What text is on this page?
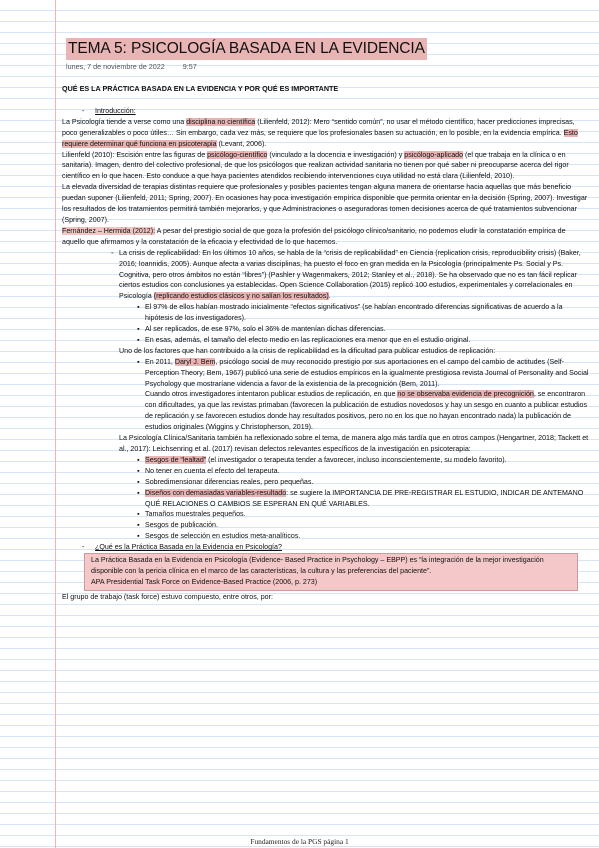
TEMA 5: PSICOLOGÍA BASADA EN LA EVIDENCIA
lunes, 7 de noviembre de 2022	9:57
QUÉ ES LA PRÁCTICA BASADA EN LA EVIDENCIA Y POR QUÉ ES IMPORTANTE

- Introducción:

La Psicología tiende a verse como una disciplina no científica (Lilienfeld, 2012): Mero “sentido común”, no usar el método científico, hacer predicciones imprecisas, poco generalizables o poco útiles… Sin embargo, cada vez más, se requiere que los profesionales basen su actuación, en lo posible, en la evidencia empírica. Esto requiere determinar qué funciona en psicoterapia (Levant, 2006).

Lilienfeld (2010): Escisión entre las figuras de psicólogo-científico (vinculado a la docencia e investigación) y psicólogo-aplicado (el que trabaja en la clínica o en sanitaria). Imagen, dentro del colectivo profesional, de que los psicólogos que realizan actividad sanitaria no tienen por qué saber ni preocuparse acerca del rigor científico en lo que hacen. Esto conduce a que haya pacientes atendidos recibiendo intervenciones cuya utilidad no está clara (Lilienfeld, 2010).

La elevada diversidad de terapias distintas requiere que profesionales y posibles pacientes tengan alguna manera de orientarse hacia aquellas que más beneficio puedan suponer (Lilienfeld, 2011; Spring, 2007). En ocasiones hay poca investigación empírica disponible que permita orientar en la decisión (Spring, 2007). Investigar los resultados de los tratamientos permitirá también mejorarlos, y que Administraciones o aseguradoras tomen decisiones acerca de qué tratamientos subvencionar (Spring, 2007).

Fernández – Hermida (2012): A pesar del prestigio social de que goza la profesión del psicólogo clínico/sanitario, no podemos eludir la constatación empírica de aquello que afirmamos y la constatación de la eficacia y efectividad de lo que hacemos.

◦ La crisis de replicabilidad: En los últimos 10 años, se habla de la “crisis de replicabilidad” en Ciencia (replication crisis, reproducibility crisis) (Baker, 2016; Ioannidis, 2005). Aunque afecta a varias disciplinas, ha puesto el foco en gran medida en la Psicología (principalmente Ps. Social y Ps. Cognitiva, pero otros ámbitos no están “libres”) (Pashler y Wagenmakers, 2012; Stanley et al., 2018). Se ha observado que no es tan fácil replicar ciertos estudios con conclusiones ya establecidas. Open Science Collaboration (2015) replicó 100 estudios, experimentales y correlacionales en Psicología (replicando estudios clásicos y no salían los resultados).

▪ El 97% de ellos habían mostrado inicialmente “efectos significativos” (se habían encontrado diferencias significativas de acuerdo a la hipótesis de los investigadores).

▪ Al ser replicados, de ese 97%, solo el 36% de mantenían dichas diferencias.

▪ En esas, además, el tamaño del efecto medio en las replicaciones era menor que en el estudio original.

Uno de los factores que han contribuido a la crisis de replicabilidad es la dificultad para publicar estudios de replicación:

▪ En 2011, Daryl J. Bem, psicólogo social de muy reconocido prestigio por sus aportaciones en el campo del cambio de actitudes (Self-Perception Theory; Bem, 1967) publicó una serie de estudios empíricos en la igualmente prestigiosa revista Journal of Personality and Social Psychology que mostraríane videncia a favor de la existencia de la precognición (Bem, 2011).

Cuando otros investigadores intentaron publicar estudios de replicación, en que no se observaba evidencia de precognición, se encontraron con dificultades, ya que las revistas primaban (favorecen la publicación de estudios novedosos y hay un sesgo en cuanto a publicar estudios de replicación y se favorecen estudios donde hay resultados positivos, pero no en los que no hayan encontrado nada) la publicación de estudios originales (Wiggins y Christopherson, 2019).

La Psicología Clínica/Sanitaria también ha reflexionado sobre el tema, de manera algo más tardía que en otros campos (Hengartner, 2018; Tackett et al., 2017): Leichsenring et al. (2017) revisan defectos relevantes específicos de la investigación en psicoterapia:

▪ Sesgos de “lealtad” (el investigador o terapeuta tender a favorecer, incluso inconscientemente, su modelo favorito).

▪ No tener en cuenta el efecto del terapeuta.

▪ Sobredimensionar diferencias reales, pero pequeñas.

▪ Diseños con demasiadas variables-resultado: se sugiere la IMPORTANCIA DE PRE-REGISTRAR EL ESTUDIO, INDICAR DE ANTEMANO QUÉ RELACIONES O CAMBIOS SE ESPERAN EN QUÉ VARIABLES.

▪ Tamaños muestrales pequeños.

▪ Sesgos de publicación.

▪ Sesgos de selección en estudios meta-analíticos.

- ¿Qué es la Práctica Basada en la Evidencia en Psicología?

La Práctica Basada en la Evidencia en Psicología (Evidence- Based Practice in Psychology – EBPP) es “la integración de la mejor investigación disponible con la pericia clínica en el marco de las características, la cultura y las preferencias del paciente”.

APA Presidential Task Force on Evidence-Based Practice (2006, p. 273)

El grupo de trabajo (task force) estuvo compuesto, entre otros, por:

Fundamentos de la PGS página 1
